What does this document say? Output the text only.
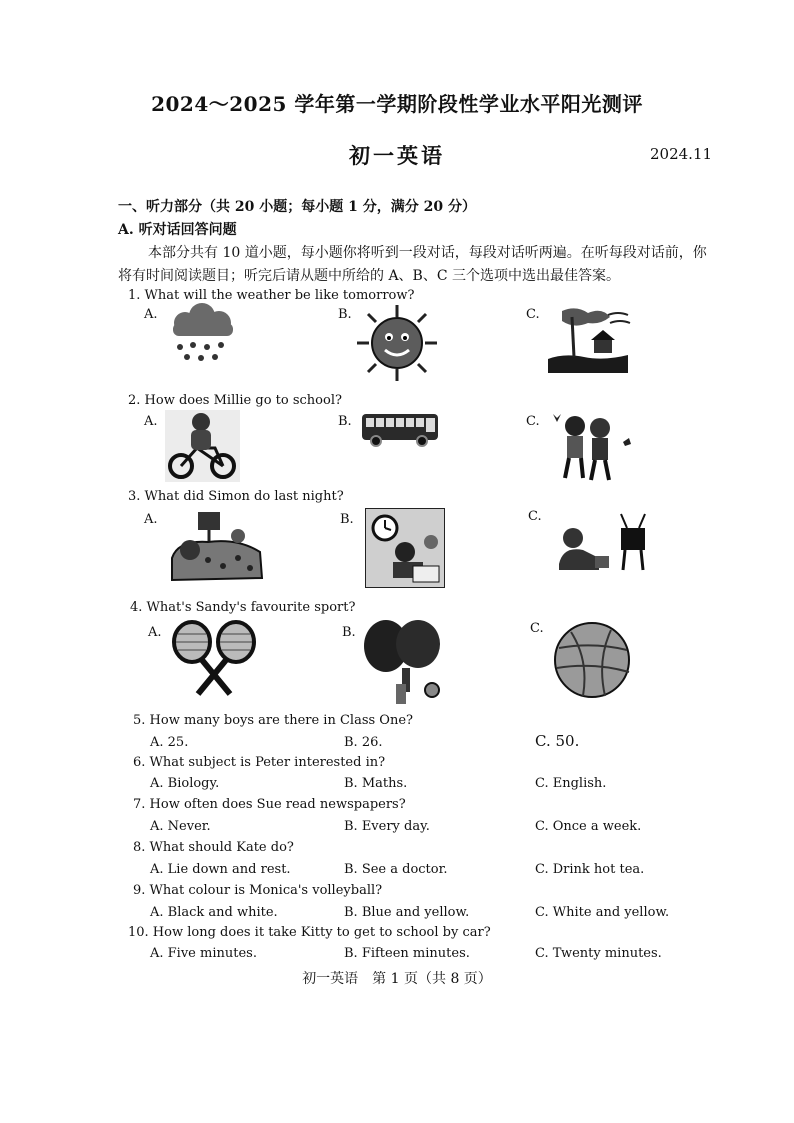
2024～2025 学年第一学期阶段性学业水平阳光测评
初一英语	2024.11
一、听力部分（共 20 小题；每小题 1 分，满分 20 分）
A. 听对话回答问题
本部分共有 10 道小题，每小题你将听到一段对话，每段对话听两遍。在听每段对话前，你
将有时间阅读题目；听完后请从题中所给的 A、B、C 三个选项中选出最佳答案。
1. What will the weather be like tomorrow?
A.	B.	C.
2. How does Millie go to school?
A.	B.	C.
3. What did Simon do last night?
A.	B.	C.
4. What's Sandy's favourite sport?
A.	B.	C.
5. How many boys are there in Class One?
A. 25.	B. 26.	C. 50.
6. What subject is Peter interested in?
A. Biology.	B. Maths.	C. English.
7. How often does Sue read newspapers?
A. Never.	B. Every day.	C. Once a week.
8. What should Kate do?
A. Lie down and rest.	B. See a doctor.	C. Drink hot tea.
9. What colour is Monica's volleyball?
A. Black and white.	B. Blue and yellow.	C. White and yellow.
10. How long does it take Kitty to get to school by car?
A. Five minutes.	B. Fifteen minutes.	C. Twenty minutes.
初一英语　第 1 页（共 8 页）
